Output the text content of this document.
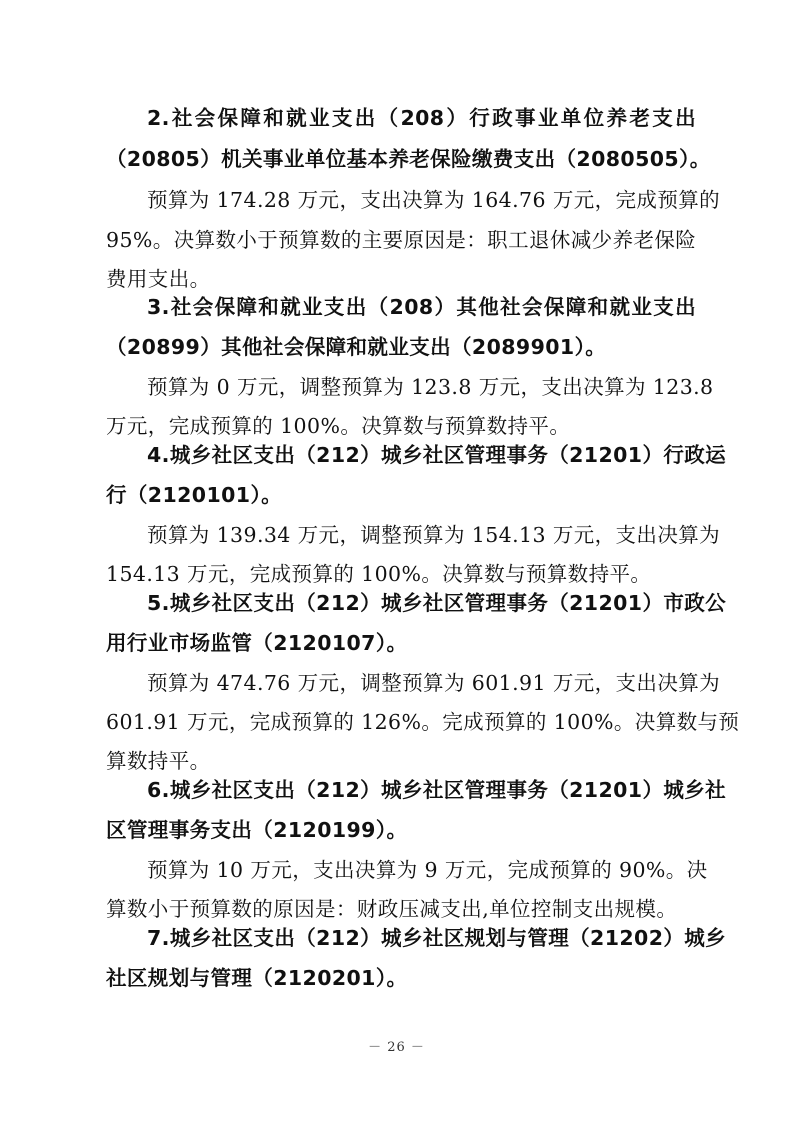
2.社会保障和就业支出（208）行政事业单位养老支出
（20805）机关事业单位基本养老保险缴费支出（2080505）。
预算为 174.28 万元，支出决算为 164.76 万元，完成预算的
95%。决算数小于预算数的主要原因是：职工退休减少养老保险
费用支出。
3.社会保障和就业支出（208）其他社会保障和就业支出
（20899）其他社会保障和就业支出（2089901）。
预算为 0 万元，调整预算为 123.8 万元，支出决算为 123.8
万元，完成预算的 100%。决算数与预算数持平。
4.城乡社区支出（212）城乡社区管理事务（21201）行政运
行（2120101）。
预算为 139.34 万元，调整预算为 154.13 万元，支出决算为
154.13 万元，完成预算的 100%。决算数与预算数持平。
5.城乡社区支出（212）城乡社区管理事务（21201）市政公
用行业市场监管（2120107）。
预算为 474.76 万元，调整预算为 601.91 万元，支出决算为
601.91 万元，完成预算的 126%。完成预算的 100%。决算数与预
算数持平。
6.城乡社区支出（212）城乡社区管理事务（21201）城乡社
区管理事务支出（2120199）。
预算为 10 万元，支出决算为 9 万元，完成预算的 90%。决
算数小于预算数的原因是：财政压减支出,单位控制支出规模。
7.城乡社区支出（212）城乡社区规划与管理（21202）城乡
社区规划与管理（2120201）。
－ 26 －
